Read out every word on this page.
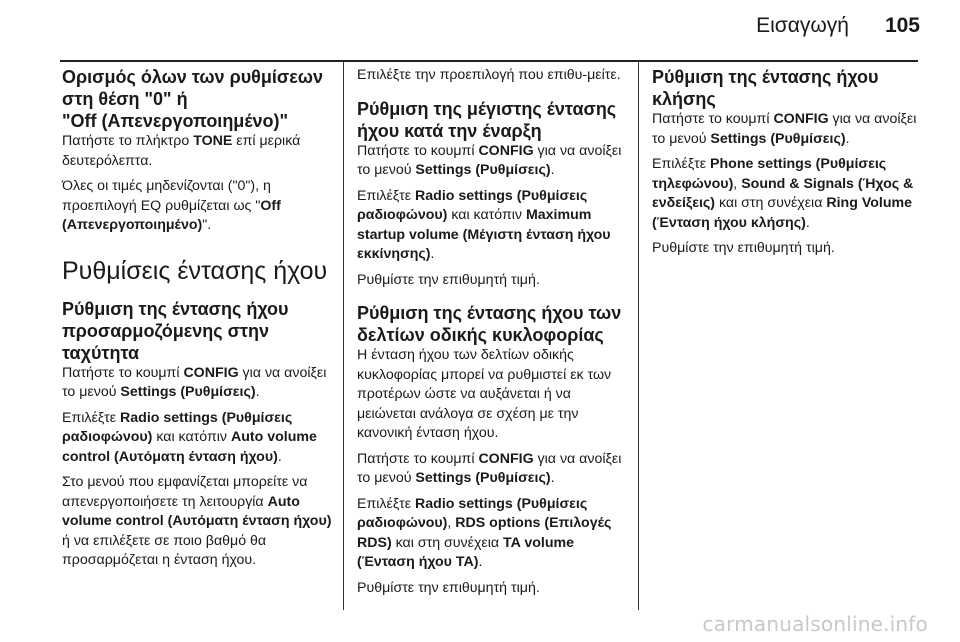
Εισαγωγή 105
Ορισμός όλων των ρυθμίσεων
στη θέση "0" ή
"Off (Απενεργοποιημένο)"

Πατήστε το πλήκτρο TONE επί μερικά δευτερόλεπτα.

Όλες οι τιμές μηδενίζονται ("0"), η προεπιλογή EQ ρυθμίζεται ως "Off (Απενεργοποιημένο)".

Ρυθμίσεις έντασης ήχου
Ρύθμιση της έντασης ήχου
προσαρμοζόμενης στην
ταχύτητα

Πατήστε το κουμπί CONFIG για να ανοίξει το μενού Settings (Ρυθμίσεις).

Επιλέξτε Radio settings (Ρυθμίσεις ραδιοφώνου) και κατόπιν Auto volume control (Αυτόματη ένταση ήχου).

Στο μενού που εμφανίζεται μπορείτε να απενεργοποιήσετε τη λειτουργία Auto volume control (Αυτόματη ένταση ήχου) ή να επιλέξετε σε ποιο βαθμό θα προσαρμόζεται η ένταση ήχου.

Επιλέξτε την προεπιλογή που επιθυ-μείτε.

Ρύθμιση της μέγιστης έντασης
ήχου κατά την έναρξη

Πατήστε το κουμπί CONFIG για να ανοίξει το μενού Settings (Ρυθμίσεις).

Επιλέξτε Radio settings (Ρυθμίσεις ραδιοφώνου) και κατόπιν Maximum startup volume (Μέγιστη ένταση ήχου εκκίνησης).

Ρυθμίστε την επιθυμητή τιμή.

Ρύθμιση της έντασης ήχου των
δελτίων οδικής κυκλοφορίας

Η ένταση ήχου των δελτίων οδικής κυκλοφορίας μπορεί να ρυθμιστεί εκ των προτέρων ώστε να αυξάνεται ή να μειώνεται ανάλογα σε σχέση με την κανονική ένταση ήχου.

Πατήστε το κουμπί CONFIG για να ανοίξει το μενού Settings (Ρυθμίσεις).

Επιλέξτε Radio settings (Ρυθμίσεις ραδιοφώνου), RDS options (Επιλογές RDS) και στη συνέχεια TA volume (Ένταση ήχου TA).

Ρυθμίστε την επιθυμητή τιμή.

Ρύθμιση της έντασης ήχου
κλήσης

Πατήστε το κουμπί CONFIG για να ανοίξει το μενού Settings (Ρυθμίσεις).

Επιλέξτε Phone settings (Ρυθμίσεις τηλεφώνου), Sound & Signals (Ήχος & ενδείξεις) και στη συνέχεια Ring Volume (Ένταση ήχου κλήσης).

Ρυθμίστε την επιθυμητή τιμή.

carmanualsonline.info
